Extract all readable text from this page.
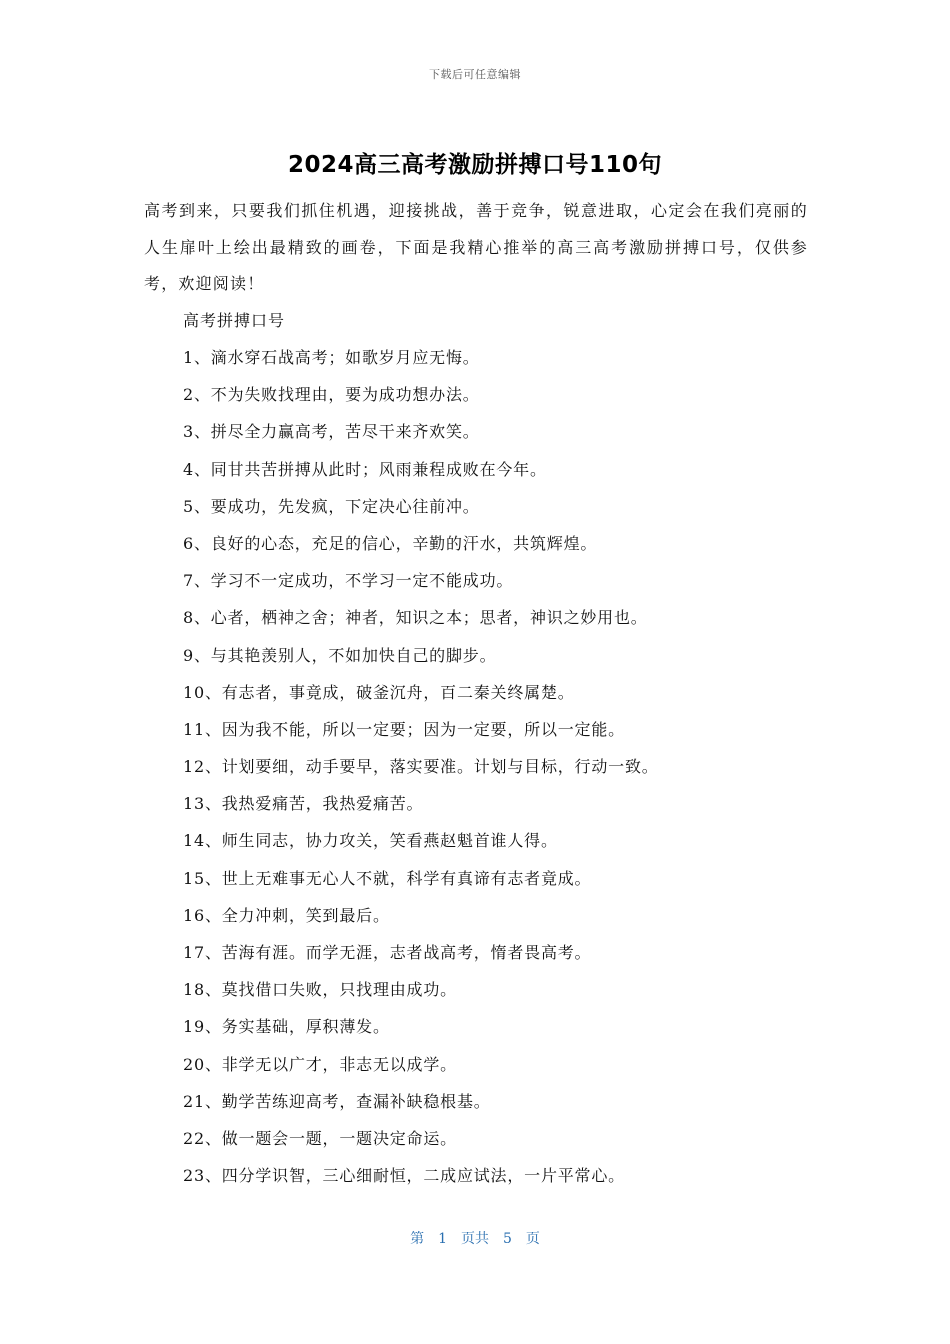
下载后可任意编辑
2024高三高考激励拼搏口号110句

高考到来，只要我们抓住机遇，迎接挑战，善于竞争，锐意进取，心定会在我们亮丽的人生扉叶上绘出最精致的画卷，下面是我精心推举的高三高考激励拼搏口号，仅供参考，欢迎阅读！

高考拼搏口号
1、滴水穿石战高考；如歌岁月应无悔。
2、不为失败找理由，要为成功想办法。
3、拼尽全力赢高考，苦尽干来齐欢笑。
4、同甘共苦拼搏从此时；风雨兼程成败在今年。
5、要成功，先发疯，下定决心往前冲。
6、良好的心态，充足的信心，辛勤的汗水，共筑辉煌。
7、学习不一定成功，不学习一定不能成功。
8、心者，栖神之舍；神者，知识之本；思者，神识之妙用也。
9、与其艳羡别人，不如加快自己的脚步。
10、有志者，事竟成，破釜沉舟，百二秦关终属楚。
11、因为我不能，所以一定要；因为一定要，所以一定能。
12、计划要细，动手要早，落实要准。计划与目标，行动一致。
13、我热爱痛苦，我热爱痛苦。
14、师生同志，协力攻关，笑看燕赵魁首谁人得。
15、世上无难事无心人不就，科学有真谛有志者竟成。
16、全力冲刺，笑到最后。
17、苦海有涯。而学无涯，志者战高考，惰者畏高考。
18、莫找借口失败，只找理由成功。
19、务实基础，厚积薄发。
20、非学无以广才，非志无以成学。
21、勤学苦练迎高考，查漏补缺稳根基。
22、做一题会一题，一题决定命运。
23、四分学识智，三心细耐恒，二成应试法，一片平常心。
第 1 页共 5 页
